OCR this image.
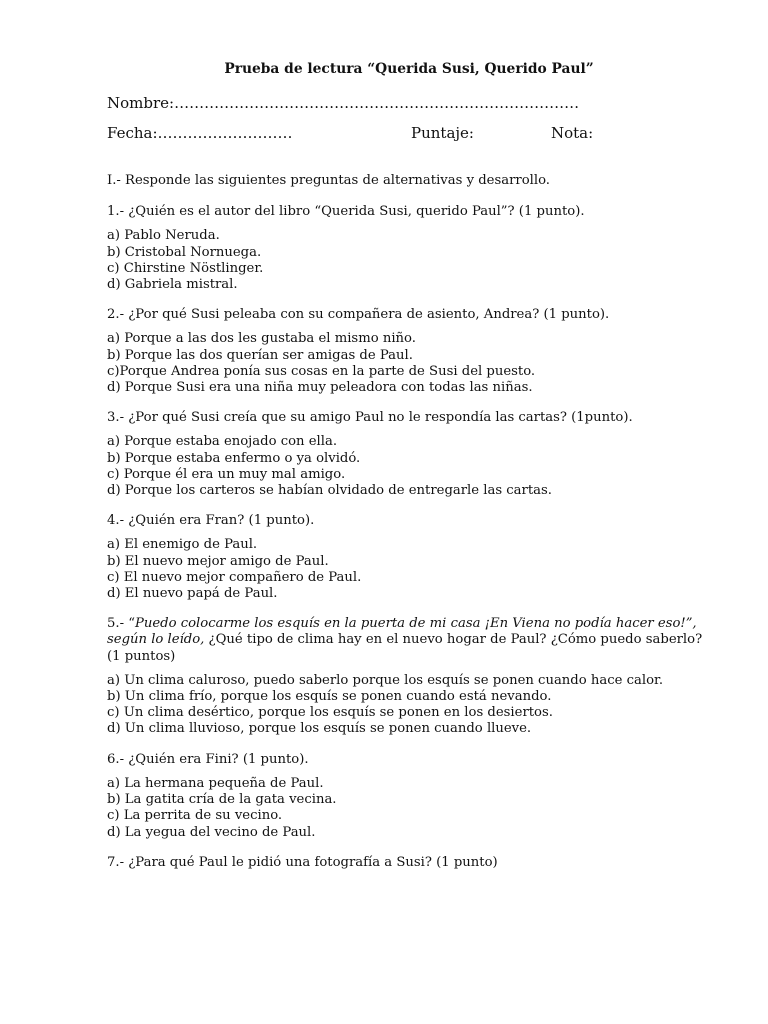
Prueba de lectura “Querida Susi, Querido Paul”
Nombre:………………………………………………………………………
Fecha:………………………	Puntaje:	Nota:

I.- Responde las siguientes preguntas de alternativas y desarrollo.

1.- ¿Quién es el autor del libro “Querida Susi, querido Paul”? (1 punto).

a) Pablo Neruda.

b) Cristobal Nornuega.

c) Chirstine Nöstlinger.

d) Gabriela mistral.

2.- ¿Por qué Susi peleaba con su compañera de asiento, Andrea? (1 punto).

a) Porque a las dos les gustaba el mismo niño.

b) Porque las dos querían ser amigas de Paul.

c)Porque Andrea ponía sus cosas en la parte de Susi del puesto.

d) Porque Susi era una niña muy peleadora con todas las niñas.

3.- ¿Por qué Susi creía que su amigo Paul no le respondía las cartas? (1punto).

a) Porque estaba enojado con ella.

b) Porque estaba enfermo o ya olvidó.

c) Porque él era un muy mal amigo.

d) Porque los carteros se habían olvidado de entregarle las cartas.

4.- ¿Quién era Fran? (1 punto).

a) El enemigo de Paul.

b) El nuevo mejor amigo de Paul.

c) El nuevo mejor compañero de Paul.

d) El nuevo papá de Paul.

5.- “Puedo colocarme los esquís en la puerta de mi casa ¡En Viena no podía hacer eso!”, según lo leído, ¿Qué tipo de clima hay en el nuevo hogar de Paul? ¿Cómo puedo saberlo? (1 puntos)

a) Un clima caluroso, puedo saberlo porque los esquís se ponen cuando hace calor.

b) Un clima frío, porque los esquís se ponen cuando está nevando.

c) Un clima desértico, porque los esquís se ponen en los desiertos.

d) Un clima lluvioso, porque los esquís se ponen cuando llueve.

6.- ¿Quién era Fini? (1 punto).

a) La hermana pequeña de Paul.

b) La gatita cría de la gata vecina.

c) La perrita de su vecino.

d) La yegua del vecino de Paul.

7.- ¿Para qué Paul le pidió una fotografía a Susi? (1 punto)
